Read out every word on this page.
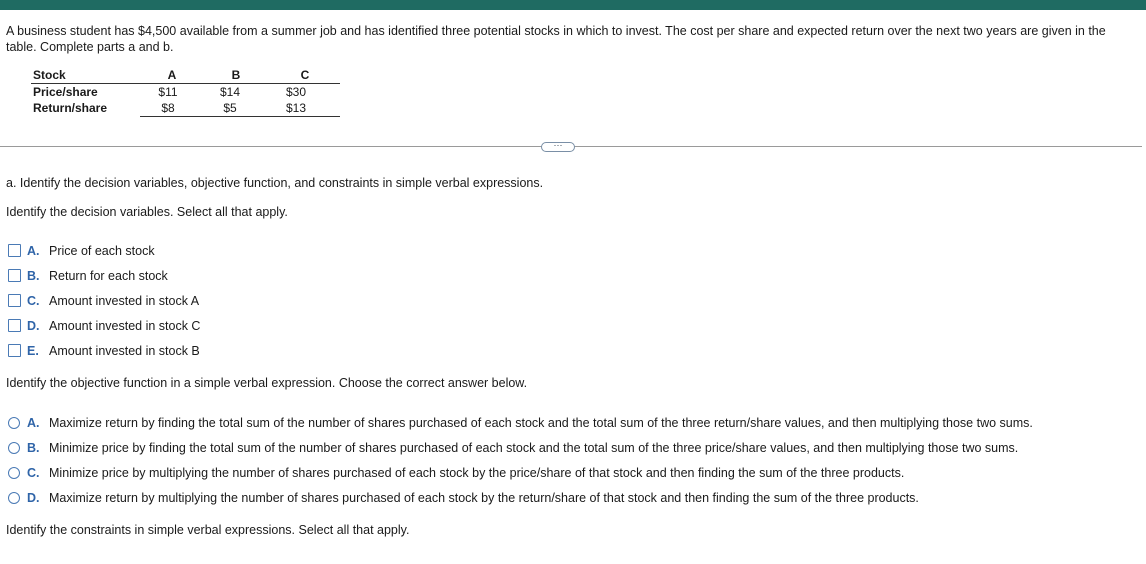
A business student has $4,500 available from a summer job and has identified three potential stocks in which to invest. The cost per share and expected return over the next two years are given in the table. Complete parts a and b.
Stock	A	B	C
Price/share	$11	$14	$30
Return/share	$8	$5	$13
···
a. Identify the decision variables, objective function, and constraints in simple verbal expressions.
Identify the decision variables. Select all that apply.
A. Price of each stock
B. Return for each stock
C. Amount invested in stock A
D. Amount invested in stock C
E. Amount invested in stock B
Identify the objective function in a simple verbal expression. Choose the correct answer below.
A. Maximize return by finding the total sum of the number of shares purchased of each stock and the total sum of the three return/share values, and then multiplying those two sums.
B. Minimize price by finding the total sum of the number of shares purchased of each stock and the total sum of the three price/share values, and then multiplying those two sums.
C. Minimize price by multiplying the number of shares purchased of each stock by the price/share of that stock and then finding the sum of the three products.
D. Maximize return by multiplying the number of shares purchased of each stock by the return/share of that stock and then finding the sum of the three products.
Identify the constraints in simple verbal expressions. Select all that apply.
